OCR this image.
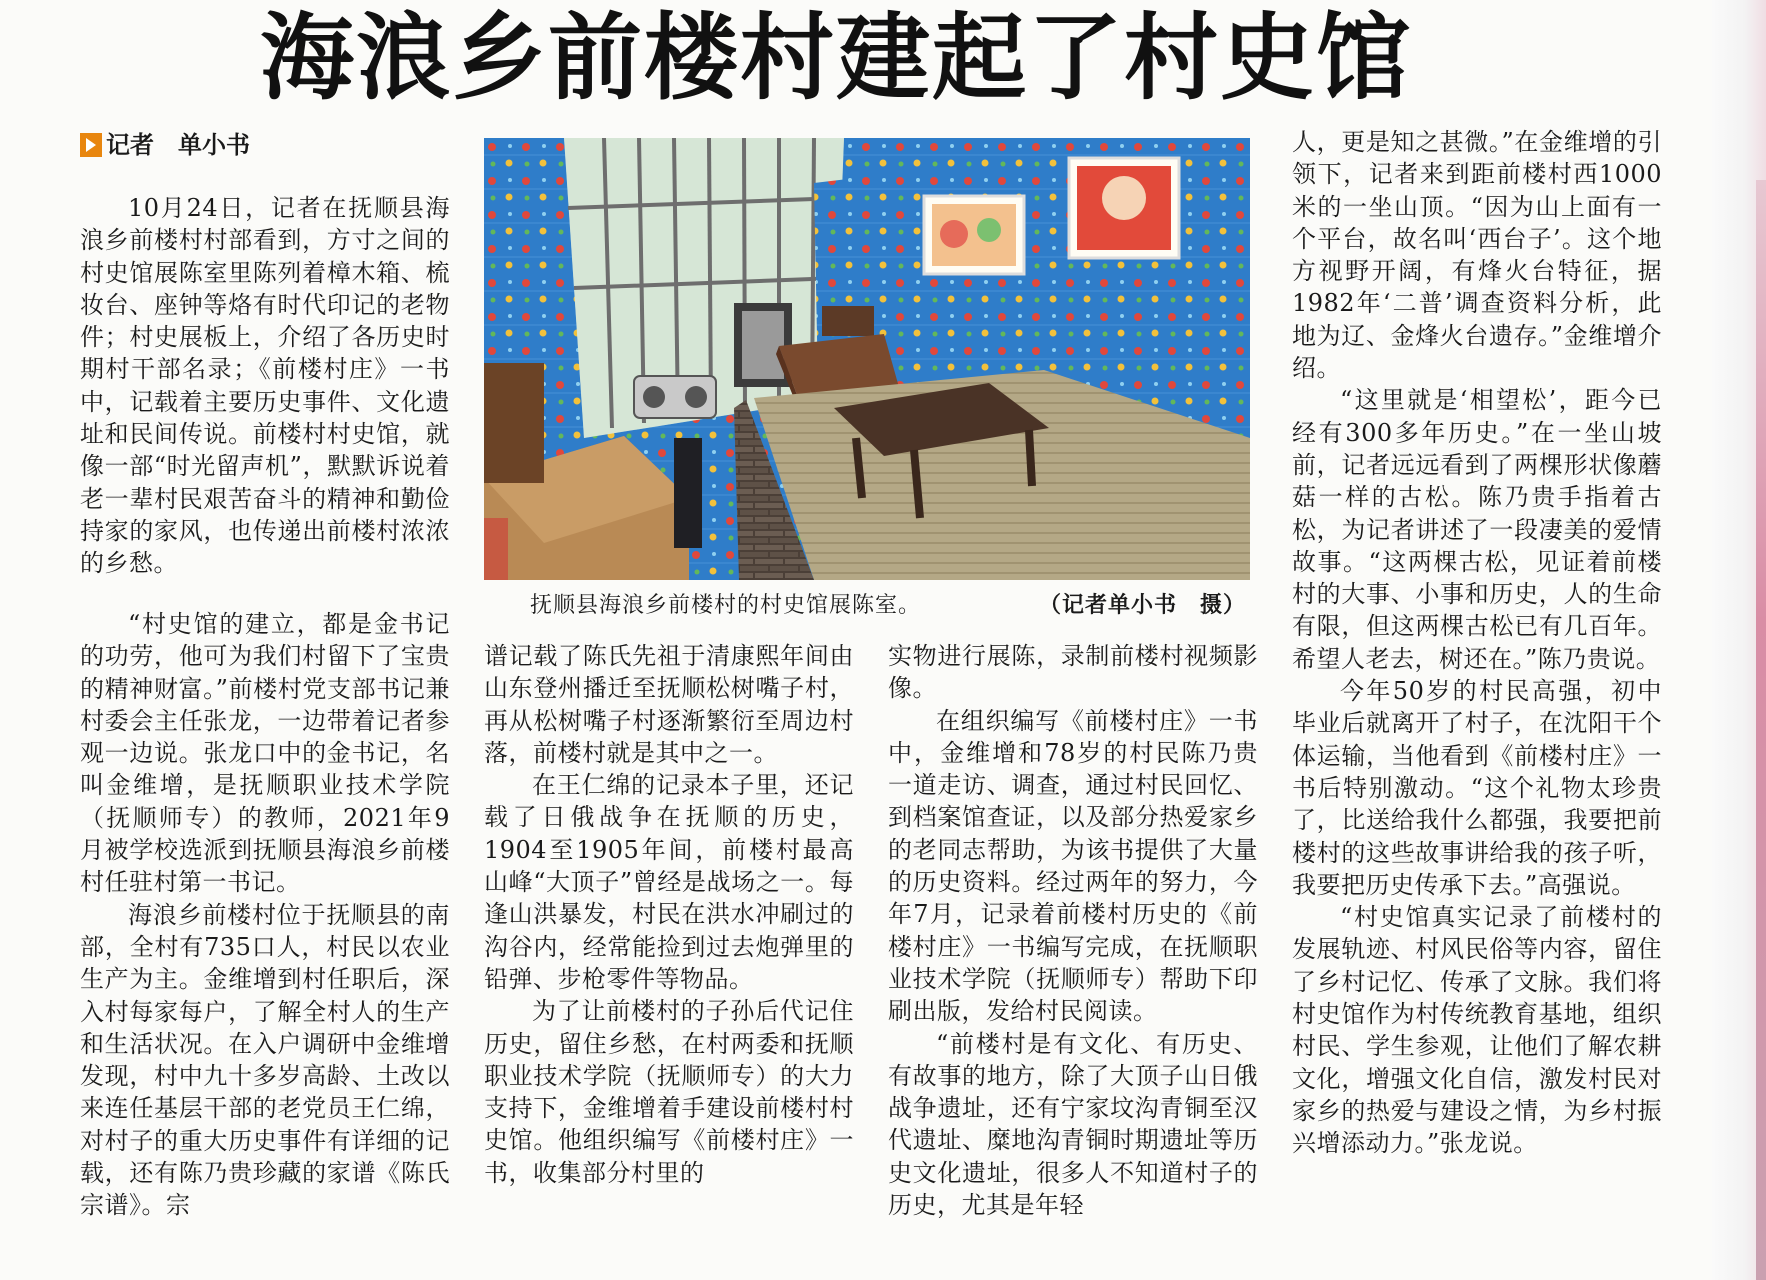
海浪乡前楼村建起了村史馆
记者 单小书

10月24日，记者在抚顺县海浪乡前楼村村部看到，方寸之间的村史馆展陈室里陈列着樟木箱、梳妆台、座钟等烙有时代印记的老物件；村史展板上，介绍了各历史时期村干部名录；《前楼村庄》一书中，记载着主要历史事件、文化遗址和民间传说。前楼村村史馆，就像一部“时光留声机”，默默诉说着老一辈村民艰苦奋斗的精神和勤俭持家的家风，也传递出前楼村浓浓的乡愁。

抚顺县海浪乡前楼村的村史馆展陈室。	（记者单小书　摄）

“村史馆的建立，都是金书记的功劳，他可为我们村留下了宝贵的精神财富。”前楼村党支部书记兼村委会主任张龙，一边带着记者参观一边说。张龙口中的金书记，名叫金维增，是抚顺职业技术学院（抚顺师专）的教师，2021年9月被学校选派到抚顺县海浪乡前楼村任驻村第一书记。

海浪乡前楼村位于抚顺县的南部，全村有735口人，村民以农业生产为主。金维增到村任职后，深入村每家每户，了解全村人的生产和生活状况。在入户调研中金维增发现，村中九十多岁高龄、土改以来连任基层干部的老党员王仁绵，对村子的重大历史事件有详细的记载，还有陈乃贵珍藏的家谱《陈氏宗谱》。宗

谱记载了陈氏先祖于清康熙年间由山东登州播迁至抚顺松树嘴子村，再从松树嘴子村逐渐繁衍至周边村落，前楼村就是其中之一。

在王仁绵的记录本子里，还记载了日俄战争在抚顺的历史，1904至1905年间，前楼村最高山峰“大顶子”曾经是战场之一。每逢山洪暴发，村民在洪水冲刷过的沟谷内，经常能捡到过去炮弹里的铅弹、步枪零件等物品。

为了让前楼村的子孙后代记住历史，留住乡愁，在村两委和抚顺职业技术学院（抚顺师专）的大力支持下，金维增着手建设前楼村村史馆。他组织编写《前楼村庄》一书，收集部分村里的

实物进行展陈，录制前楼村视频影像。

在组织编写《前楼村庄》一书中，金维增和78岁的村民陈乃贵一道走访、调查，通过村民回忆、到档案馆查证，以及部分热爱家乡的老同志帮助，为该书提供了大量的历史资料。经过两年的努力，今年7月，记录着前楼村历史的《前楼村庄》一书编写完成，在抚顺职业技术学院（抚顺师专）帮助下印刷出版，发给村民阅读。

“前楼村是有文化、有历史、有故事的地方，除了大顶子山日俄战争遗址，还有宁家坟沟青铜至汉代遗址、糜地沟青铜时期遗址等历史文化遗址，很多人不知道村子的历史，尤其是年轻

人，更是知之甚微。”在金维增的引领下，记者来到距前楼村西1000米的一坐山顶。“因为山上面有一个平台，故名叫‘西台子’。这个地方视野开阔，有烽火台特征，据1982年‘二普’调查资料分析，此地为辽、金烽火台遗存。”金维增介绍。

“这里就是‘相望松’，距今已经有300多年历史。”在一坐山坡前，记者远远看到了两棵形状像蘑菇一样的古松。陈乃贵手指着古松，为记者讲述了一段凄美的爱情故事。“这两棵古松，见证着前楼村的大事、小事和历史，人的生命有限，但这两棵古松已有几百年。希望人老去，树还在。”陈乃贵说。

今年50岁的村民高强，初中毕业后就离开了村子，在沈阳干个体运输，当他看到《前楼村庄》一书后特别激动。“这个礼物太珍贵了，比送给我什么都强，我要把前楼村的这些故事讲给我的孩子听，我要把历史传承下去。”高强说。

“村史馆真实记录了前楼村的发展轨迹、村风民俗等内容，留住了乡村记忆、传承了文脉。我们将村史馆作为村传统教育基地，组织村民、学生参观，让他们了解农耕文化，增强文化自信，激发村民对家乡的热爱与建设之情，为乡村振兴增添动力。”张龙说。
